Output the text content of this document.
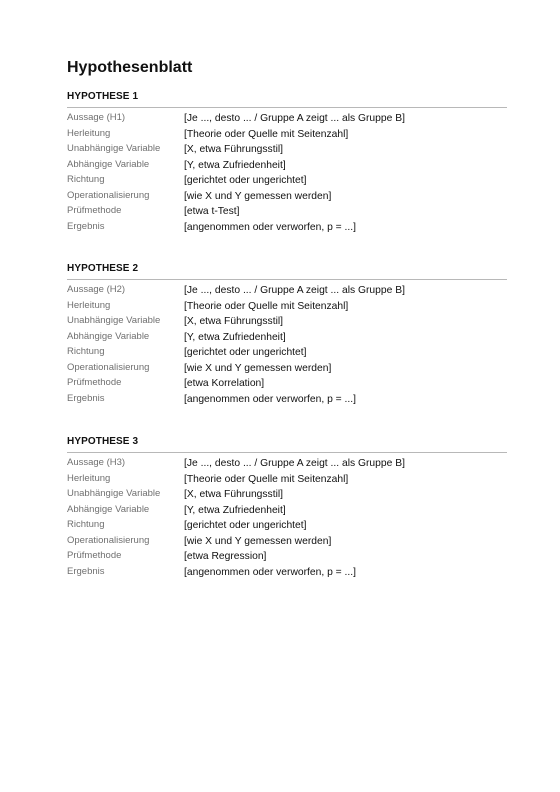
Hypothesenblatt
HYPOTHESE 1
Aussage (H1)	[Je ..., desto ... / Gruppe A zeigt ... als Gruppe B]
Herleitung	[Theorie oder Quelle mit Seitenzahl]
Unabhängige Variable	[X, etwa Führungsstil]
Abhängige Variable	[Y, etwa Zufriedenheit]
Richtung	[gerichtet oder ungerichtet]
Operationalisierung	[wie X und Y gemessen werden]
Prüfmethode	[etwa t-Test]
Ergebnis	[angenommen oder verworfen, p = ...]
HYPOTHESE 2
Aussage (H2)	[Je ..., desto ... / Gruppe A zeigt ... als Gruppe B]
Herleitung	[Theorie oder Quelle mit Seitenzahl]
Unabhängige Variable	[X, etwa Führungsstil]
Abhängige Variable	[Y, etwa Zufriedenheit]
Richtung	[gerichtet oder ungerichtet]
Operationalisierung	[wie X und Y gemessen werden]
Prüfmethode	[etwa Korrelation]
Ergebnis	[angenommen oder verworfen, p = ...]
HYPOTHESE 3
Aussage (H3)	[Je ..., desto ... / Gruppe A zeigt ... als Gruppe B]
Herleitung	[Theorie oder Quelle mit Seitenzahl]
Unabhängige Variable	[X, etwa Führungsstil]
Abhängige Variable	[Y, etwa Zufriedenheit]
Richtung	[gerichtet oder ungerichtet]
Operationalisierung	[wie X und Y gemessen werden]
Prüfmethode	[etwa Regression]
Ergebnis	[angenommen oder verworfen, p = ...]
